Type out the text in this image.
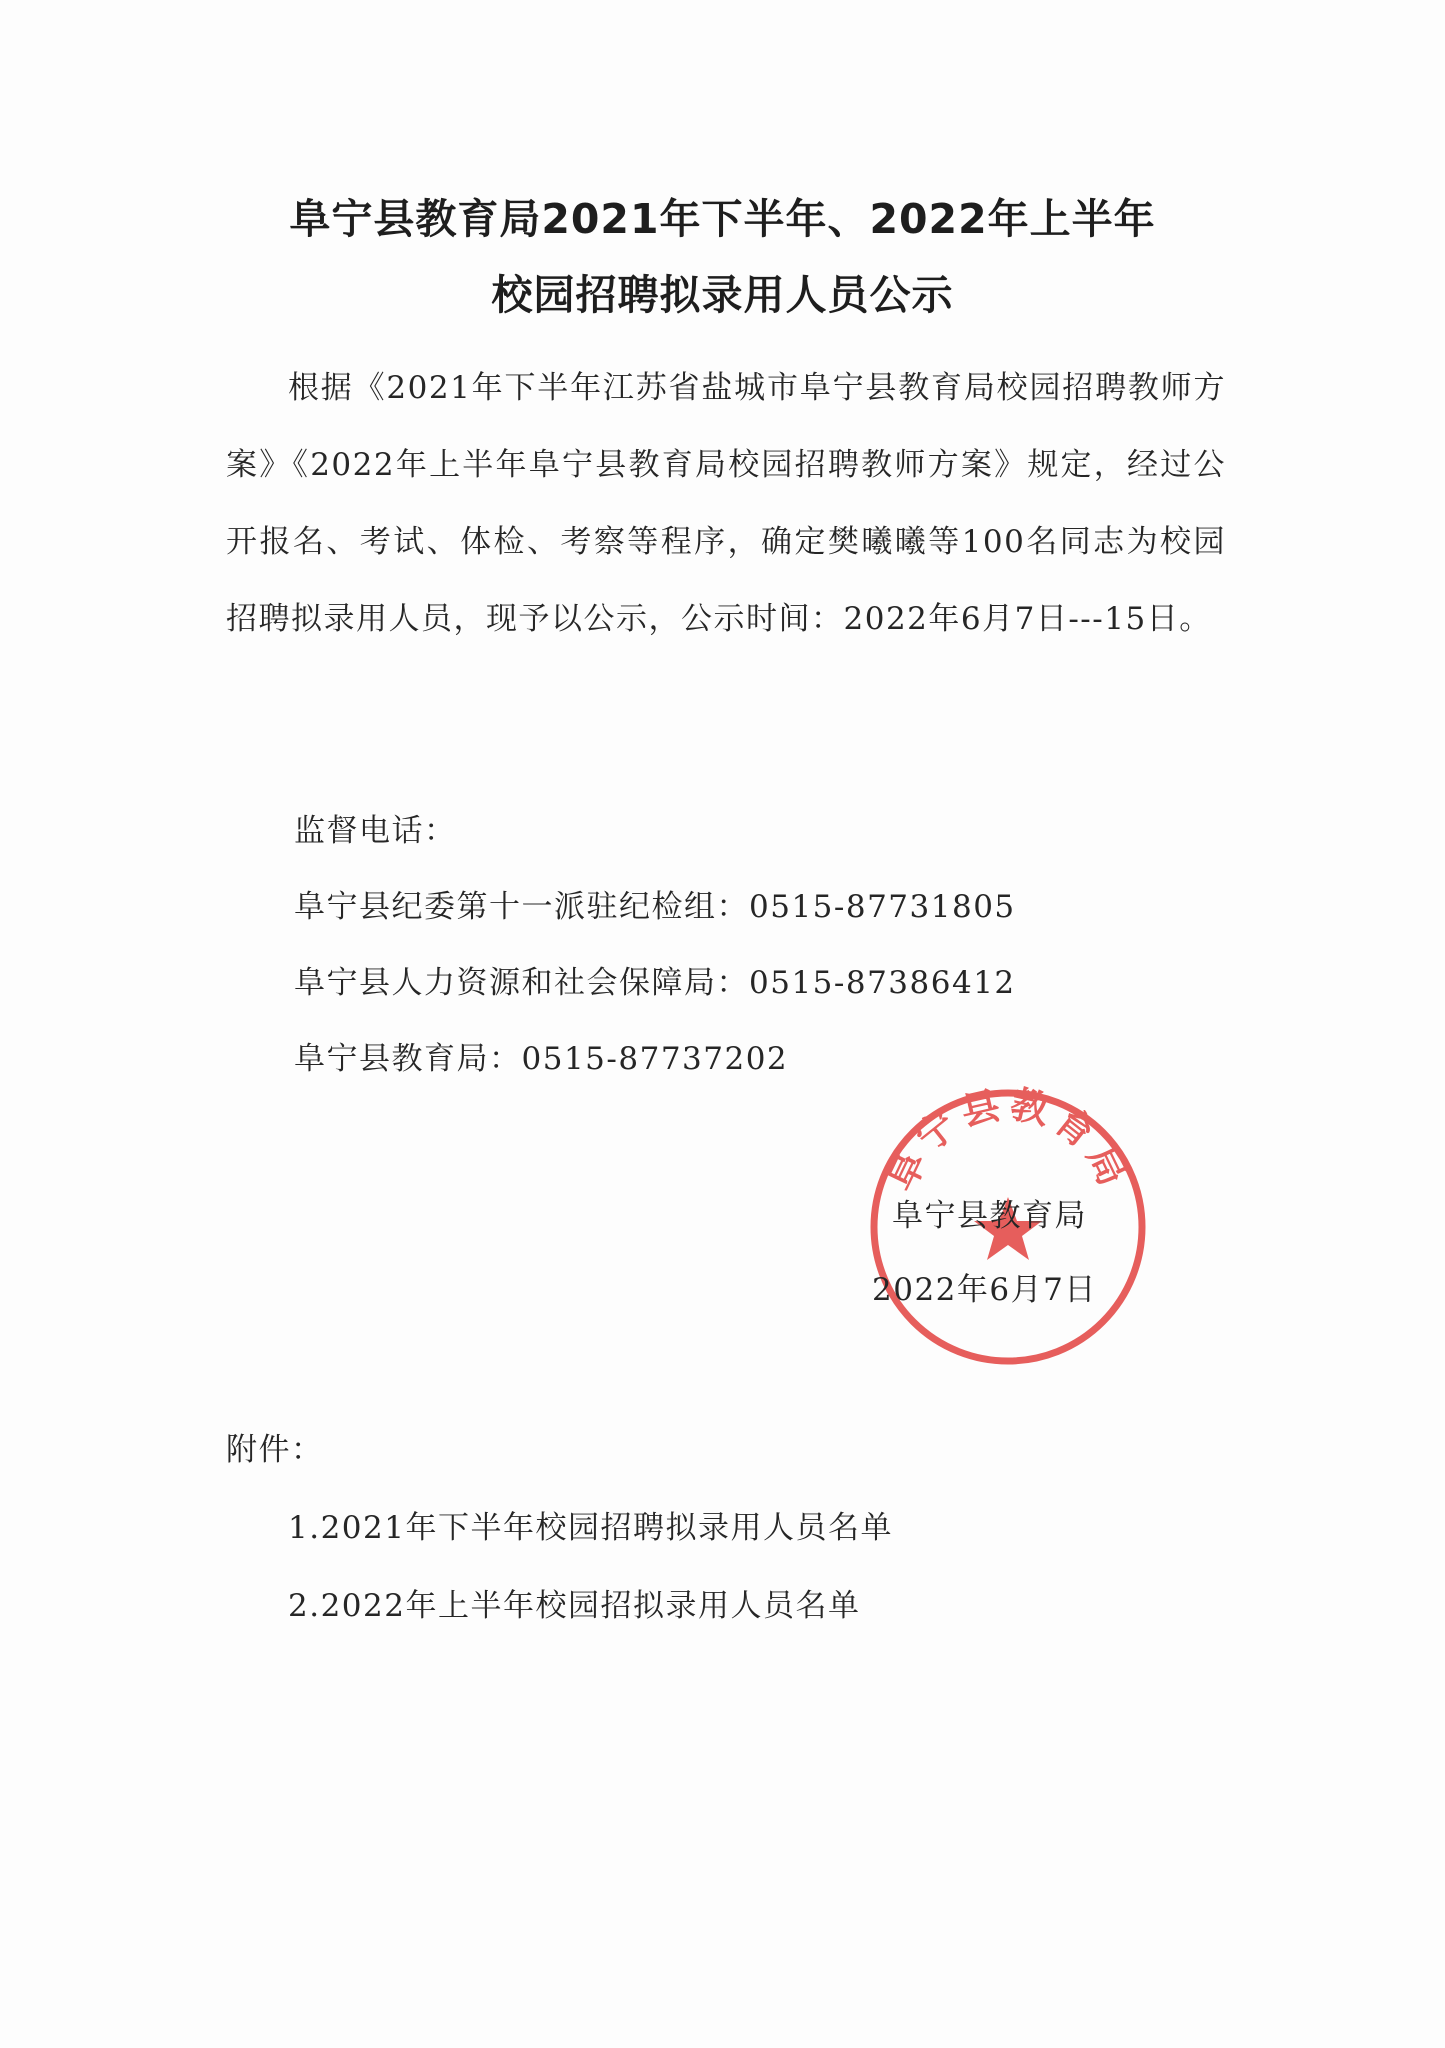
阜宁县教育局2021年下半年、2022年上半年
校园招聘拟录用人员公示
根据《2021年下半年江苏省盐城市阜宁县教育局校园招聘教师方案》《2022年上半年阜宁县教育局校园招聘教师方案》规定，经过公开报名、考试、体检、考察等程序，确定樊曦曦等100名同志为校园招聘拟录用人员，现予以公示，公示时间：2022年6月7日---15日。
监督电话：
阜宁县纪委第十一派驻纪检组：0515-87731805
阜宁县人力资源和社会保障局：0515-87386412
阜宁县教育局：0515-87737202
阜宁县教育局
阜宁县教育局
2022年6月7日
附件：
1.2021年下半年校园招聘拟录用人员名单
2.2022年上半年校园招拟录用人员名单
